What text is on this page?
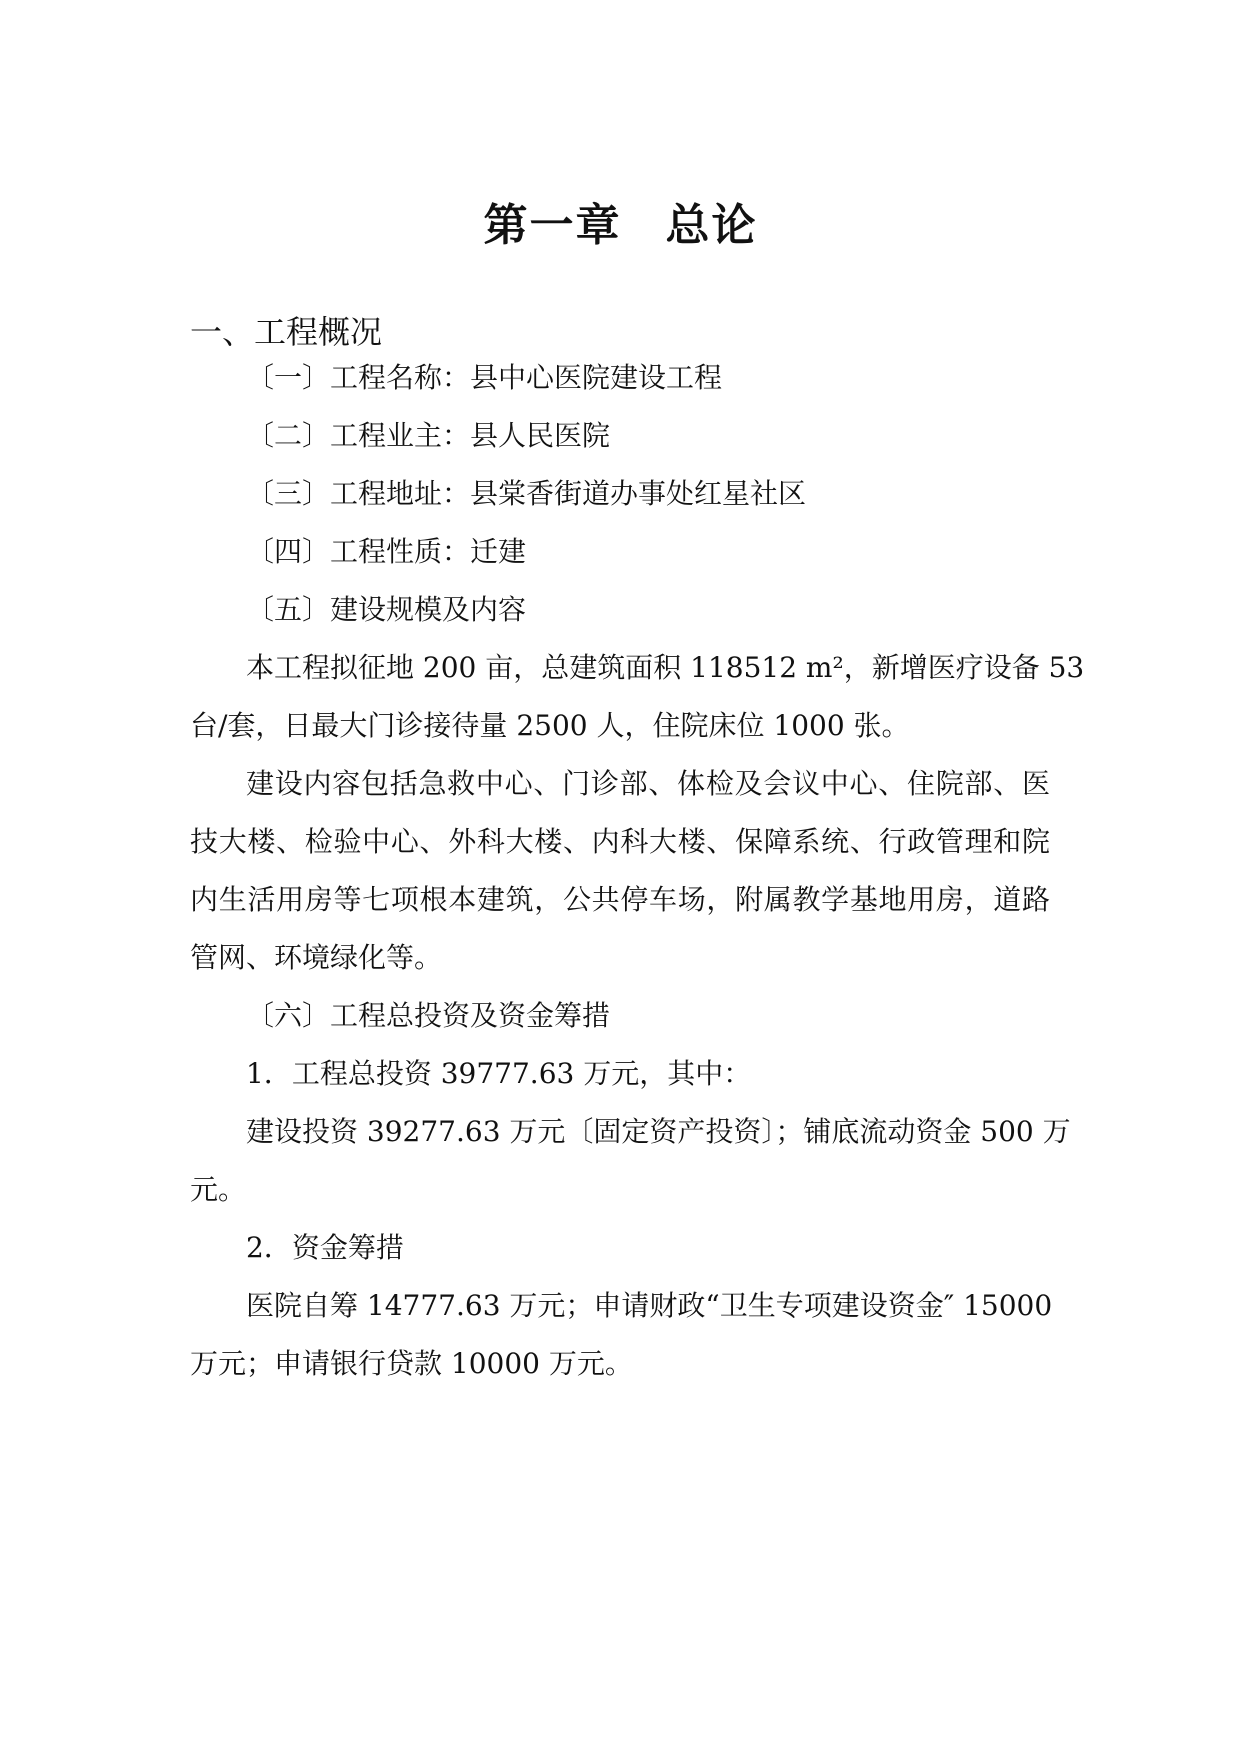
第一章 总论
一、工程概况
〔一〕工程名称：县中心医院建设工程
〔二〕工程业主：县人民医院
〔三〕工程地址：县棠香街道办事处红星社区
〔四〕工程性质：迁建
〔五〕建设规模及内容
本工程拟征地 200 亩，总建筑面积 118512 m²，新增医疗设备 53
台/套，日最大门诊接待量 2500 人，住院床位 1000 张。
建设内容包括急救中心、门诊部、体检及会议中心、住院部、医
技大楼、检验中心、外科大楼、内科大楼、保障系统、行政管理和院
内生活用房等七项根本建筑，公共停车场，附属教学基地用房，道路
管网、环境绿化等。
〔六〕工程总投资及资金筹措
1．工程总投资 39777.63 万元，其中：
建设投资 39277.63 万元〔固定资产投资〕；铺底流动资金 500 万
元。
2．资金筹措
医院自筹 14777.63 万元；申请财政“卫生专项建设资金″ 15000
万元；申请银行贷款 10000 万元。
